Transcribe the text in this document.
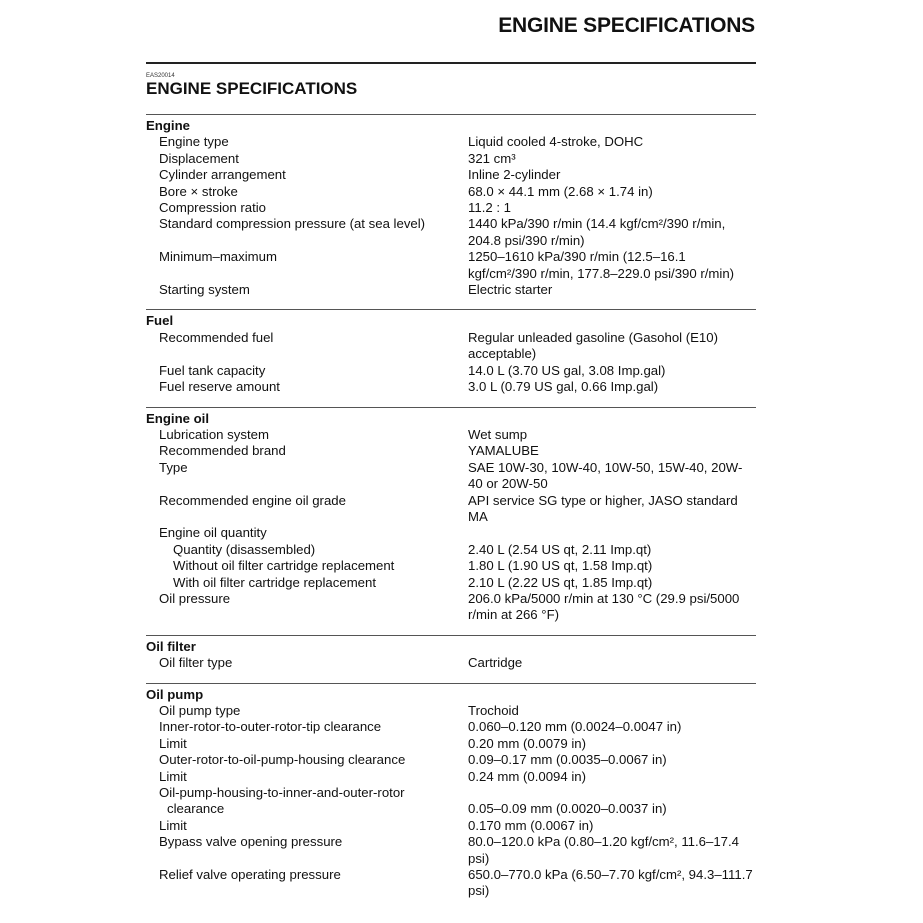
ENGINE SPECIFICATIONS
EAS20014
ENGINE SPECIFICATIONS
Engine
Engine type	Liquid cooled 4-stroke, DOHC
Displacement	321 cm³
Cylinder arrangement	Inline 2-cylinder
Bore × stroke	68.0 × 44.1 mm (2.68 × 1.74 in)
Compression ratio	11.2 : 1
Standard compression pressure (at sea level)	1440 kPa/390 r/min (14.4 kgf/cm²/390 r/min, 204.8 psi/390 r/min)
Minimum–maximum	1250–1610 kPa/390 r/min (12.5–16.1 kgf/cm²/390 r/min, 177.8–229.0 psi/390 r/min)
Starting system	Electric starter
Fuel
Recommended fuel	Regular unleaded gasoline (Gasohol (E10) acceptable)
Fuel tank capacity	14.0 L (3.70 US gal, 3.08 Imp.gal)
Fuel reserve amount	3.0 L (0.79 US gal, 0.66 Imp.gal)
Engine oil
Lubrication system	Wet sump
Recommended brand	YAMALUBE
Type	SAE 10W-30, 10W-40, 10W-50, 15W-40, 20W-40 or 20W-50
Recommended engine oil grade	API service SG type or higher, JASO standard MA
Engine oil quantity
Quantity (disassembled)	2.40 L (2.54 US qt, 2.11 Imp.qt)
Without oil filter cartridge replacement	1.80 L (1.90 US qt, 1.58 Imp.qt)
With oil filter cartridge replacement	2.10 L (2.22 US qt, 1.85 Imp.qt)
Oil pressure	206.0 kPa/5000 r/min at 130 °C (29.9 psi/5000 r/min at 266 °F)
Oil filter
Oil filter type	Cartridge
Oil pump
Oil pump type	Trochoid
Inner-rotor-to-outer-rotor-tip clearance	0.060–0.120 mm (0.0024–0.0047 in)
Limit	0.20 mm (0.0079 in)
Outer-rotor-to-oil-pump-housing clearance	0.09–0.17 mm (0.0035–0.0067 in)
Limit	0.24 mm (0.0094 in)
Oil-pump-housing-to-inner-and-outer-rotor
clearance	0.05–0.09 mm (0.0020–0.0037 in)
Limit	0.170 mm (0.0067 in)
Bypass valve opening pressure	80.0–120.0 kPa (0.80–1.20 kgf/cm², 11.6–17.4 psi)
Relief valve operating pressure	650.0–770.0 kPa (6.50–7.70 kgf/cm², 94.3–111.7 psi)
